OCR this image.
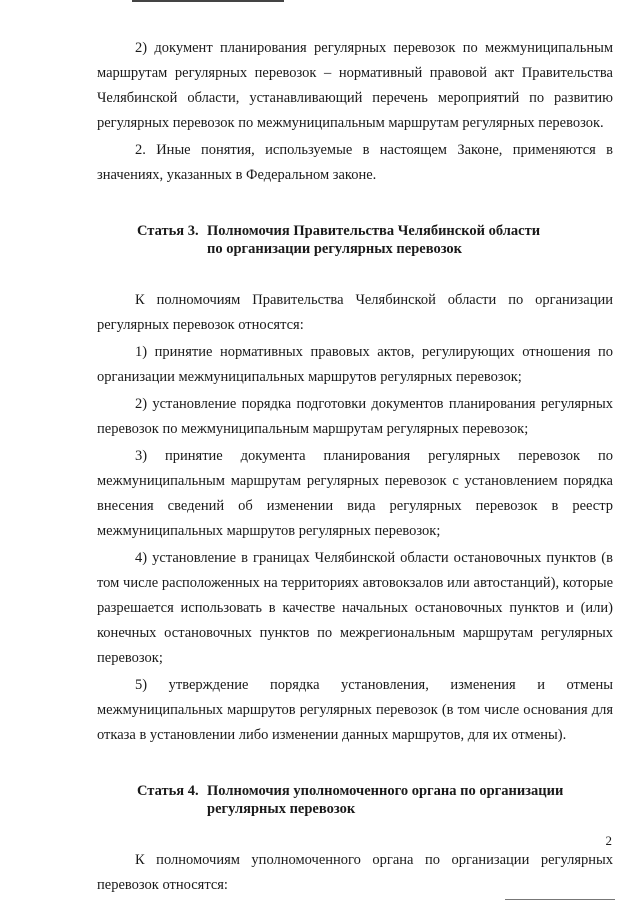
2) документ планирования регулярных перевозок по межмуниципальным маршрутам регулярных перевозок – нормативный правовой акт Правительства Челябинской области, устанавливающий перечень мероприятий по развитию регулярных перевозок по межмуниципальным маршрутам регулярных перевозок.

2. Иные понятия, используемые в настоящем Законе, применяются в значениях, указанных в Федеральном законе.

Статья 3. Полномочия Правительства Челябинской области
по организации регулярных перевозок

К полномочиям Правительства Челябинской области по организации регулярных перевозок относятся:

1) принятие нормативных правовых актов, регулирующих отношения по организации межмуниципальных маршрутов регулярных перевозок;

2) установление порядка подготовки документов планирования регулярных перевозок по межмуниципальным маршрутам регулярных перевозок;

3) принятие документа планирования регулярных перевозок по межмуниципальным маршрутам регулярных перевозок с установлением порядка внесения сведений об изменении вида регулярных перевозок в реестр межмуниципальных маршрутов регулярных перевозок;

4) установление в границах Челябинской области остановочных пунктов (в том числе расположенных на территориях автовокзалов или автостанций), которые разрешается использовать в качестве начальных остановочных пунктов и (или) конечных остановочных пунктов по межрегиональным маршрутам регулярных перевозок;

5) утверждение порядка установления, изменения и отмены межмуниципальных маршрутов регулярных перевозок (в том числе основания для отказа в установлении либо изменении данных маршрутов, для их отмены).

Статья 4. Полномочия уполномоченного органа по организации
регулярных перевозок

К полномочиям уполномоченного органа по организации регулярных перевозок относятся:

2
